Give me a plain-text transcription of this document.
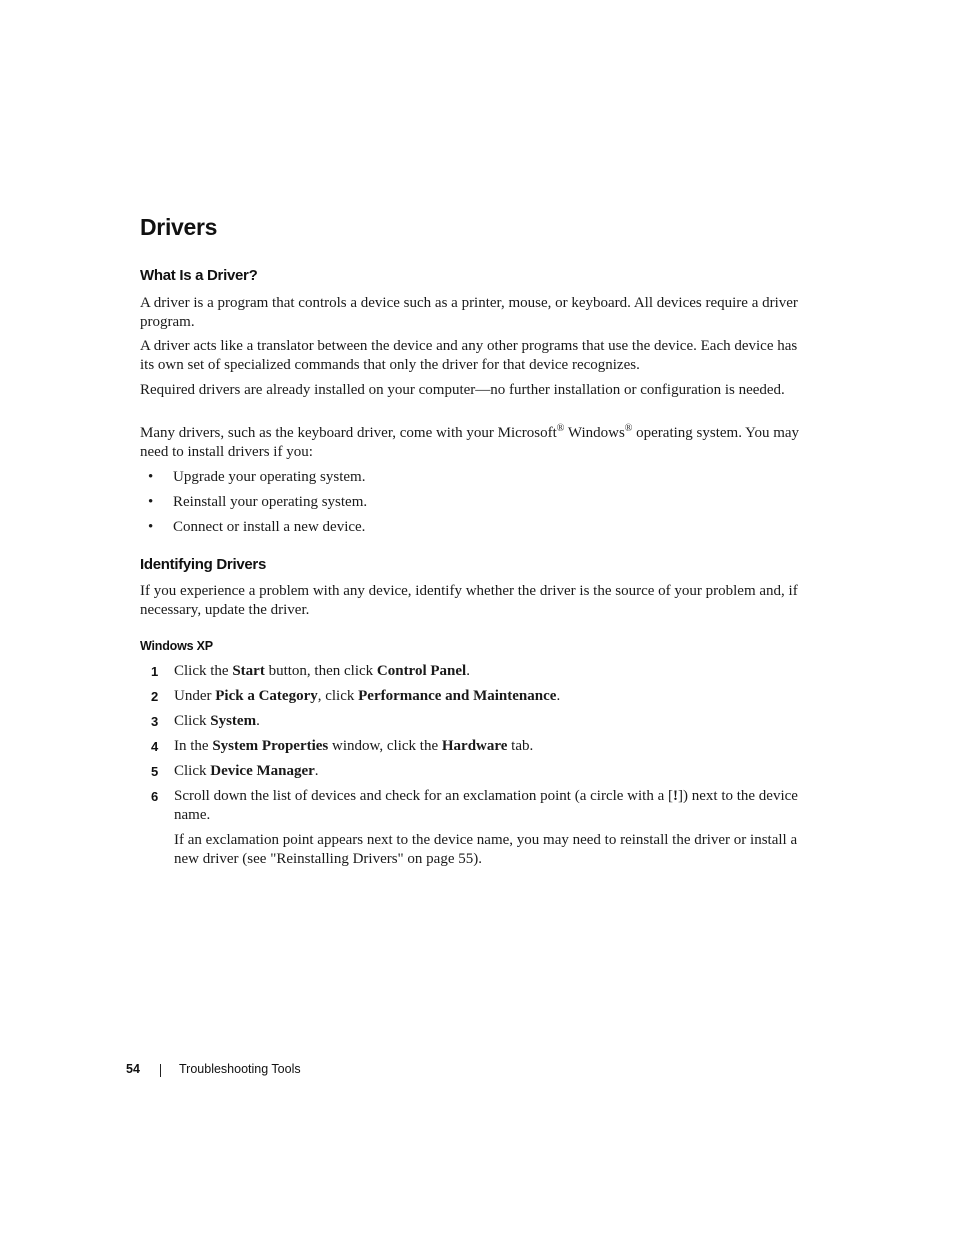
Drivers
What Is a Driver?

A driver is a program that controls a device such as a printer, mouse, or keyboard. All devices require a driver program.

A driver acts like a translator between the device and any other programs that use the device. Each device has its own set of specialized commands that only the driver for that device recognizes.

Required drivers are already installed on your computer—no further installation or configuration is needed.

Many drivers, such as the keyboard driver, come with your Microsoft® Windows® operating system. You may need to install drivers if you:

• Upgrade your operating system.

• Reinstall your operating system.

• Connect or install a new device.

Identifying Drivers

If you experience a problem with any device, identify whether the driver is the source of your problem and, if necessary, update the driver.

Windows XP
1 Click the Start button, then click Control Panel.

2 Under Pick a Category, click Performance and Maintenance.

3 Click System.

4 In the System Properties window, click the Hardware tab.

5 Click Device Manager.

6 Scroll down the list of devices and check for an exclamation point (a circle with a [!]) next to the device name.

If an exclamation point appears next to the device name, you may need to reinstall the driver or install a new driver (see "Reinstalling Drivers" on page 55).

54	Troubleshooting Tools
